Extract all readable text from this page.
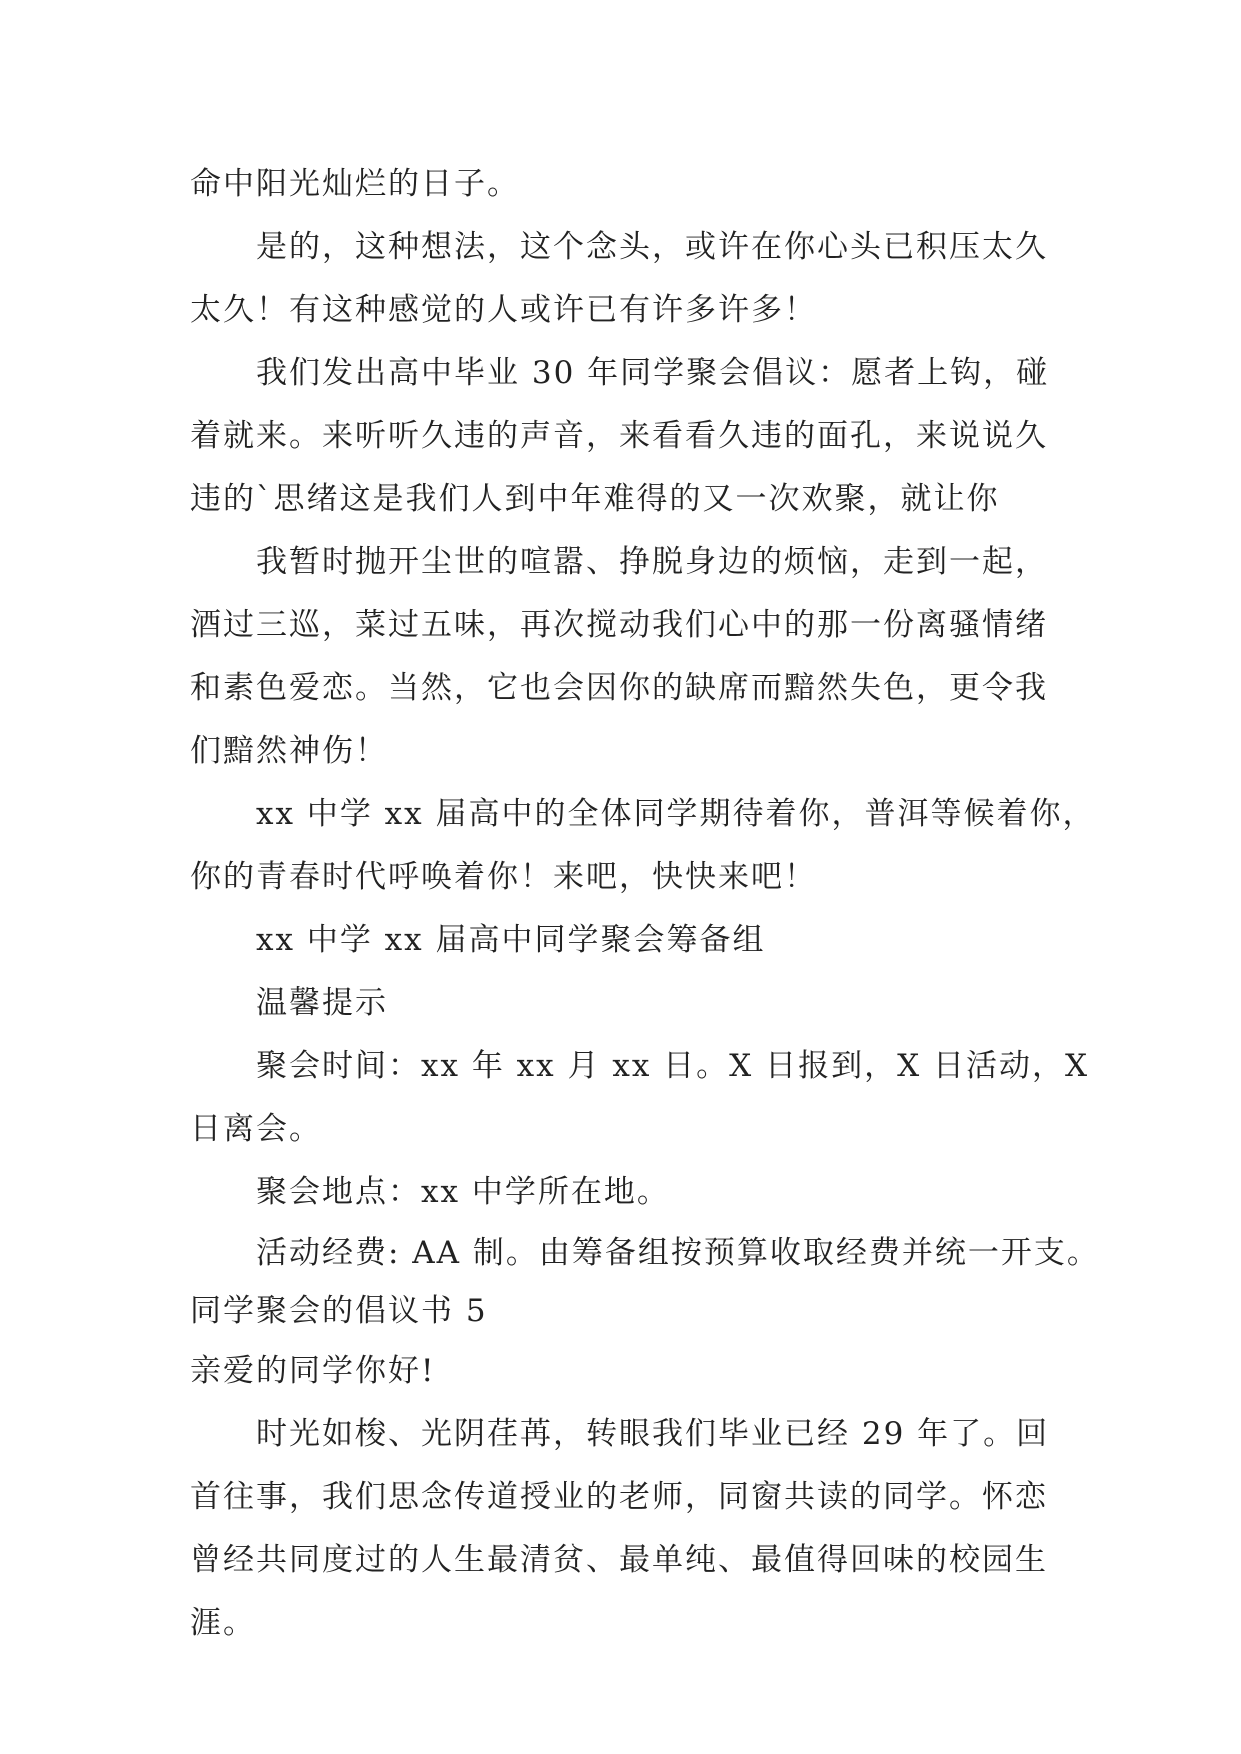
命中阳光灿烂的日子。
是的，这种想法，这个念头，或许在你心头已积压太久
太久！有这种感觉的人或许已有许多许多！
我们发出高中毕业 30 年同学聚会倡议：愿者上钩，碰
着就来。来听听久违的声音，来看看久违的面孔，来说说久
违的`思绪这是我们人到中年难得的又一次欢聚，就让你
我暂时抛开尘世的喧嚣、挣脱身边的烦恼，走到一起，
酒过三巡，菜过五味，再次搅动我们心中的那一份离骚情绪
和素色爱恋。当然，它也会因你的缺席而黯然失色，更令我
们黯然神伤！
xx 中学 xx 届高中的全体同学期待着你，普洱等候着你，
你的青春时代呼唤着你！来吧，快快来吧！
xx 中学 xx 届高中同学聚会筹备组
温馨提示
聚会时间：xx 年 xx 月 xx 日。X 日报到，X 日活动，X
日离会。
聚会地点：xx 中学所在地。
活动经费: AA 制。由筹备组按预算收取经费并统一开支。
同学聚会的倡议书 5
亲爱的同学你好!
时光如梭、光阴荏苒，转眼我们毕业已经 29 年了。回
首往事，我们思念传道授业的老师，同窗共读的同学。怀恋
曾经共同度过的人生最清贫、最单纯、最值得回味的校园生
涯。
